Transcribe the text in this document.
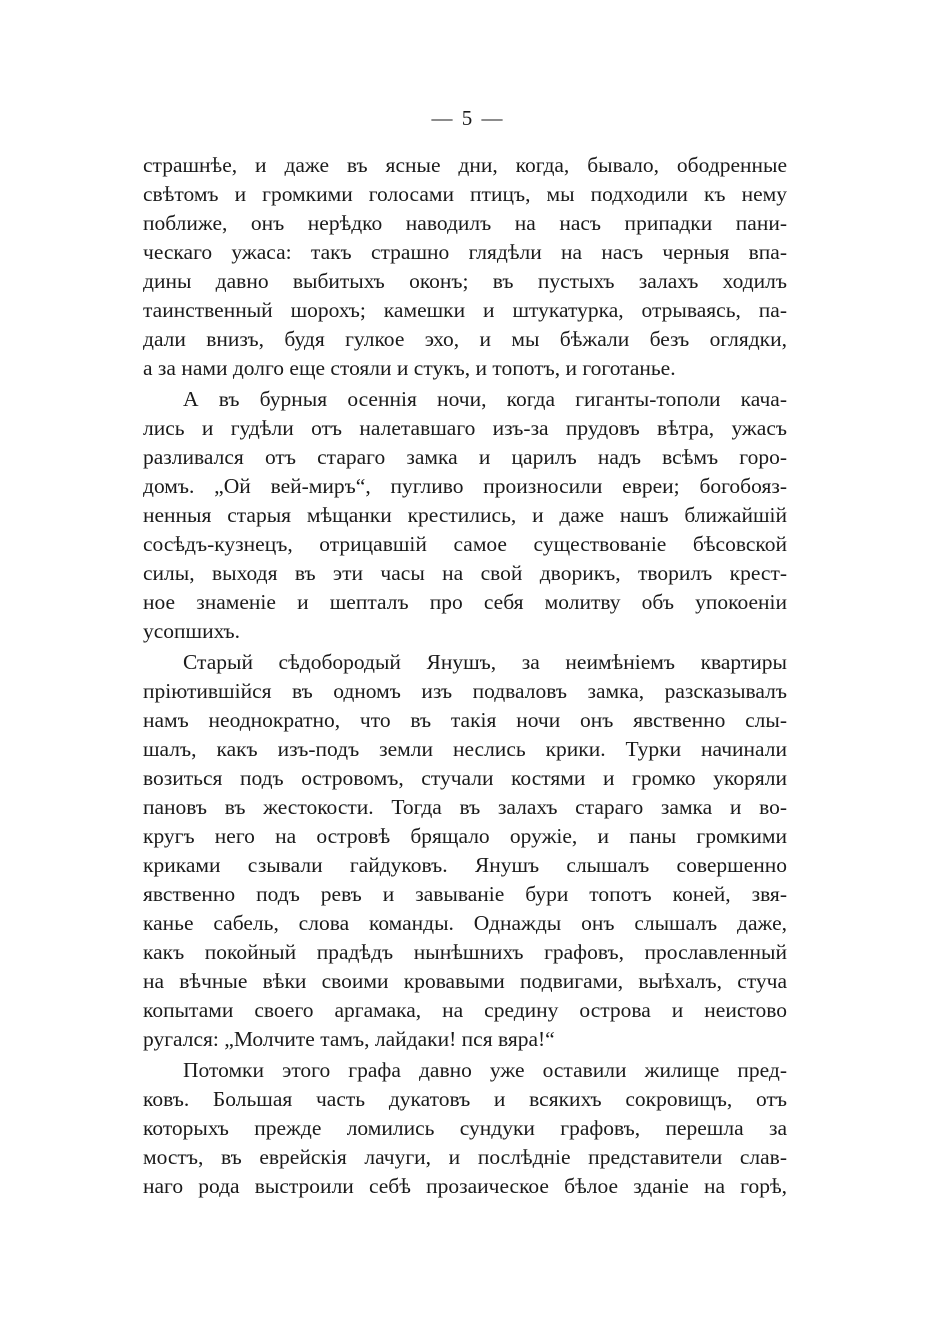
— 5 —
страшнѣе, и даже въ ясные дни, когда, бывало, ободренные
свѣтомъ и громкими голосами птицъ, мы подходили къ нему
поближе, онъ нерѣдко наводилъ на насъ припадки пани-
ческаго ужаса: такъ страшно глядѣли на насъ черныя впа-
дины давно выбитыхъ оконъ; въ пустыхъ залахъ ходилъ
таинственный шорохъ; камешки и штукатурка, отрываясь, па-
дали внизъ, будя гулкое эхо, и мы бѣжали безъ оглядки,
а за нами долго еще стояли и стукъ, и топотъ, и гоготанье.
А въ бурныя осеннія ночи, когда гиганты-тополи кача-
лись и гудѣли отъ налетавшаго изъ-за прудовъ вѣтра, ужасъ
разливался отъ стараго замка и царилъ надъ всѣмъ горо-
домъ. „Ой вей-миръ“, пугливо произносили евреи; богобояз-
ненныя старыя мѣщанки крестились, и даже нашъ ближайшій
сосѣдъ-кузнецъ, отрицавшій самое существованіе бѣсовской
силы, выходя въ эти часы на свой дворикъ, творилъ крест-
ное знаменіе и шепталъ про себя молитву объ упокоеніи
усопшихъ.
Старый сѣдобородый Янушъ, за неимѣніемъ квартиры
пріютившійся въ одномъ изъ подваловъ замка, разсказывалъ
намъ неоднократно, что въ такія ночи онъ явственно слы-
шалъ, какъ изъ-подъ земли неслись крики. Турки начинали
возиться подъ островомъ, стучали костями и громко укоряли
пановъ въ жестокости. Тогда въ залахъ стараго замка и во-
кругъ него на островѣ брящало оружіе, и паны громкими
криками сзывали гайдуковъ. Янушъ слышалъ совершенно
явственно подъ ревъ и завываніе бури топотъ коней, звя-
канье сабель, слова команды. Однажды онъ слышалъ даже,
какъ покойный прадѣдъ нынѣшнихъ графовъ, прославленный
на вѣчные вѣки своими кровавыми подвигами, выѣхалъ, стуча
копытами своего аргамака, на средину острова и неистово
ругался: „Молчите тамъ, лайдаки! пся вяра!“
Потомки этого графа давно уже оставили жилище пред-
ковъ. Большая часть дукатовъ и всякихъ сокровищъ, отъ
которыхъ прежде ломились сундуки графовъ, перешла за
мостъ, въ еврейскія лачуги, и послѣдніе представители слав-
наго рода выстроили себѣ прозаическое бѣлое зданіе на горѣ,
